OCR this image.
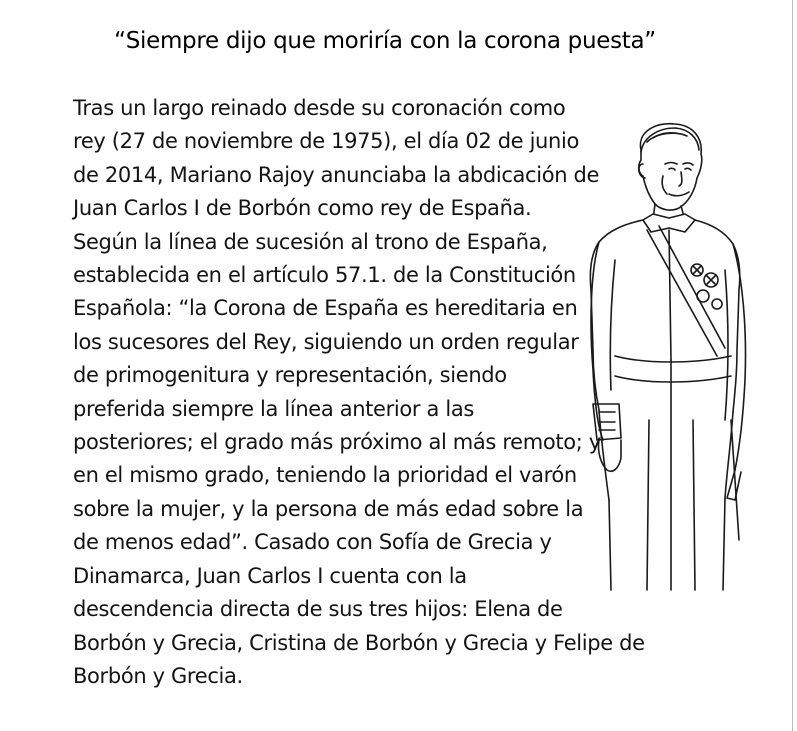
“Siempre dijo que moriría con la corona puesta”
Tras un largo reinado desde su coronación como
rey (27 de noviembre de 1975), el día 02 de junio
de 2014, Mariano Rajoy anunciaba la abdicación de
Juan Carlos I de Borbón como rey de España.
Según la línea de sucesión al trono de España,
establecida en el artículo 57.1. de la Constitución
Española: “la Corona de España es hereditaria en
los sucesores del Rey, siguiendo un orden regular
de primogenitura y representación, siendo
preferida siempre la línea anterior a las
posteriores; el grado más próximo al más remoto; y
en el mismo grado, teniendo la prioridad el varón
sobre la mujer, y la persona de más edad sobre la
de menos edad”. Casado con Sofía de Grecia y
Dinamarca, Juan Carlos I cuenta con la
descendencia directa de sus tres hijos: Elena de
Borbón y Grecia, Cristina de Borbón y Grecia y Felipe de
Borbón y Grecia.
